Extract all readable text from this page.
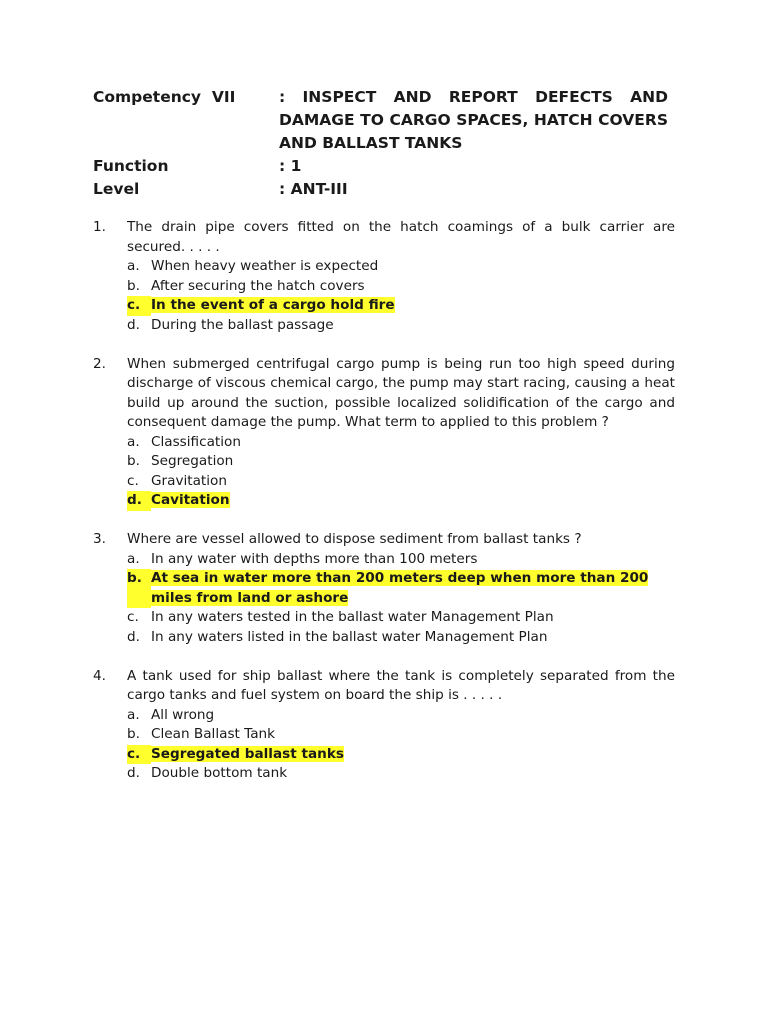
Competency  VII	: INSPECT AND REPORT DEFECTS AND DAMAGE TO CARGO SPACES, HATCH COVERS AND BALLAST TANKS
Function	: 1
Level	: ANT-III
1.	The drain pipe covers fitted on the hatch coamings of a bulk carrier are secured. . . . .
a. When heavy weather is expected
b. After securing the hatch covers
c. In the event of a cargo hold fire
d. During the ballast passage
2.	When submerged centrifugal cargo pump is being run too high speed during discharge of viscous chemical cargo, the pump may start racing, causing a heat build up around the suction, possible localized solidification of the cargo and consequent damage the pump. What term to applied to this problem ?
a. Classification
b. Segregation
c. Gravitation
d. Cavitation
3.	Where are vessel allowed to dispose sediment from ballast tanks ?
a. In any water with depths more than 100 meters
b. At sea in water more than 200 meters deep when more than 200 miles from land or ashore
c. In any waters tested in the ballast water Management Plan
d. In any waters listed in the ballast water Management Plan
4.	A tank used for ship ballast where the tank is completely separated from the cargo tanks and fuel system on board the ship is . . . . .
a. All wrong
b. Clean Ballast Tank
c. Segregated ballast tanks
d. Double bottom tank
